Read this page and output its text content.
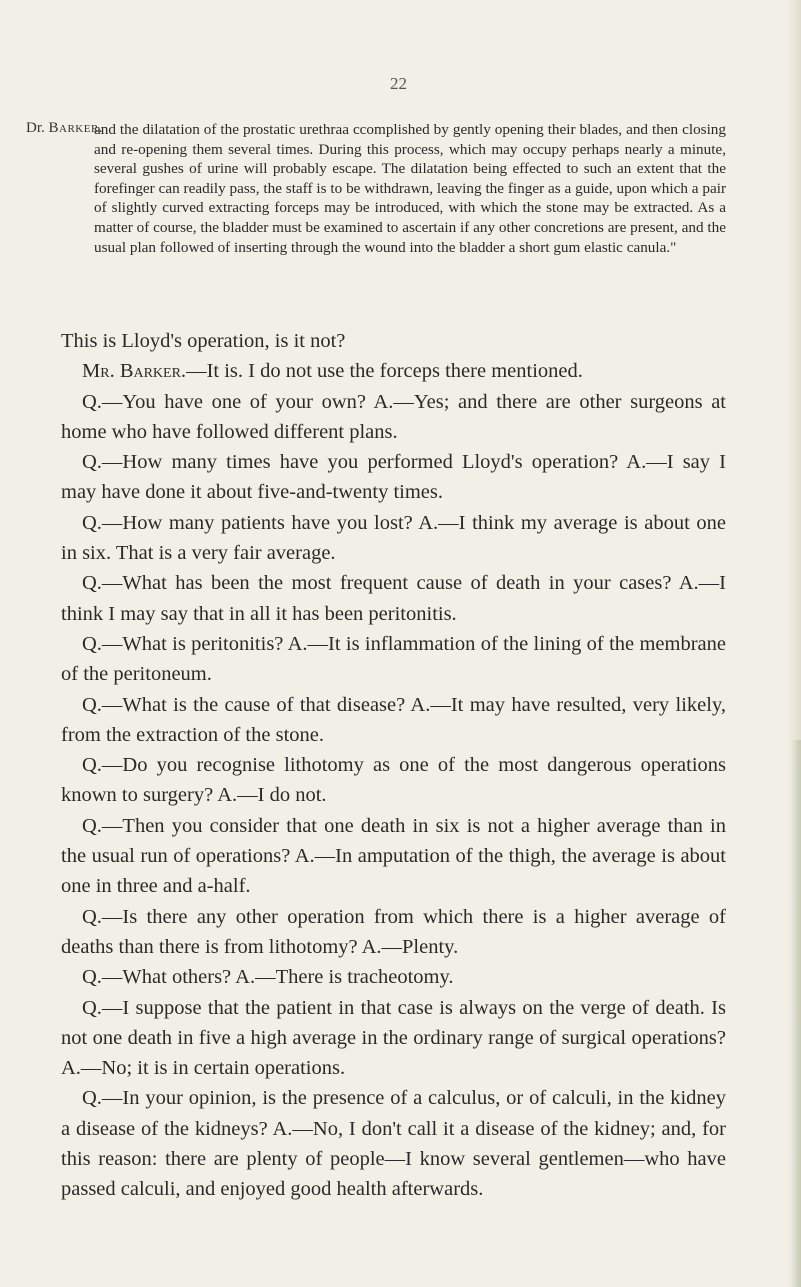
22
Dr. Barker.

and the dilatation of the prostatic urethraa ccomplished by gently opening their blades, and then closing and re-opening them several times. During this process, which may occupy perhaps nearly a minute, several gushes of urine will probably escape. The dilatation being effected to such an extent that the forefinger can readily pass, the staff is to be withdrawn, leaving the finger as a guide, upon which a pair of slightly curved extracting forceps may be introduced, with which the stone may be extracted. As a matter of course, the bladder must be examined to ascertain if any other concretions are present, and the usual plan followed of inserting through the wound into the bladder a short gum elastic canula."

This is Lloyd's operation, is it not?

Mr. Barker.—It is. I do not use the forceps there mentioned.

Q.—You have one of your own? A.—Yes; and there are other surgeons at home who have followed different plans.

Q.—How many times have you performed Lloyd's operation? A.—I say I may have done it about five-and-twenty times.

Q.—How many patients have you lost? A.—I think my average is about one in six. That is a very fair average.

Q.—What has been the most frequent cause of death in your cases? A.—I think I may say that in all it has been peritonitis.

Q.—What is peritonitis? A.—It is inflammation of the lining of the membrane of the peritoneum.

Q.—What is the cause of that disease? A.—It may have resulted, very likely, from the extraction of the stone.

Q.—Do you recognise lithotomy as one of the most dangerous operations known to surgery? A.—I do not.

Q.—Then you consider that one death in six is not a higher average than in the usual run of operations? A.—In amputation of the thigh, the average is about one in three and a-half.

Q.—Is there any other operation from which there is a higher average of deaths than there is from lithotomy? A.—Plenty.

Q.—What others? A.—There is tracheotomy.

Q.—I suppose that the patient in that case is always on the verge of death. Is not one death in five a high average in the ordinary range of surgical operations? A.—No; it is in certain operations.

Q.—In your opinion, is the presence of a calculus, or of calculi, in the kidney a disease of the kidneys? A.—No, I don't call it a disease of the kidney; and, for this reason: there are plenty of people—I know several gentlemen—who have passed calculi, and enjoyed good health afterwards.
